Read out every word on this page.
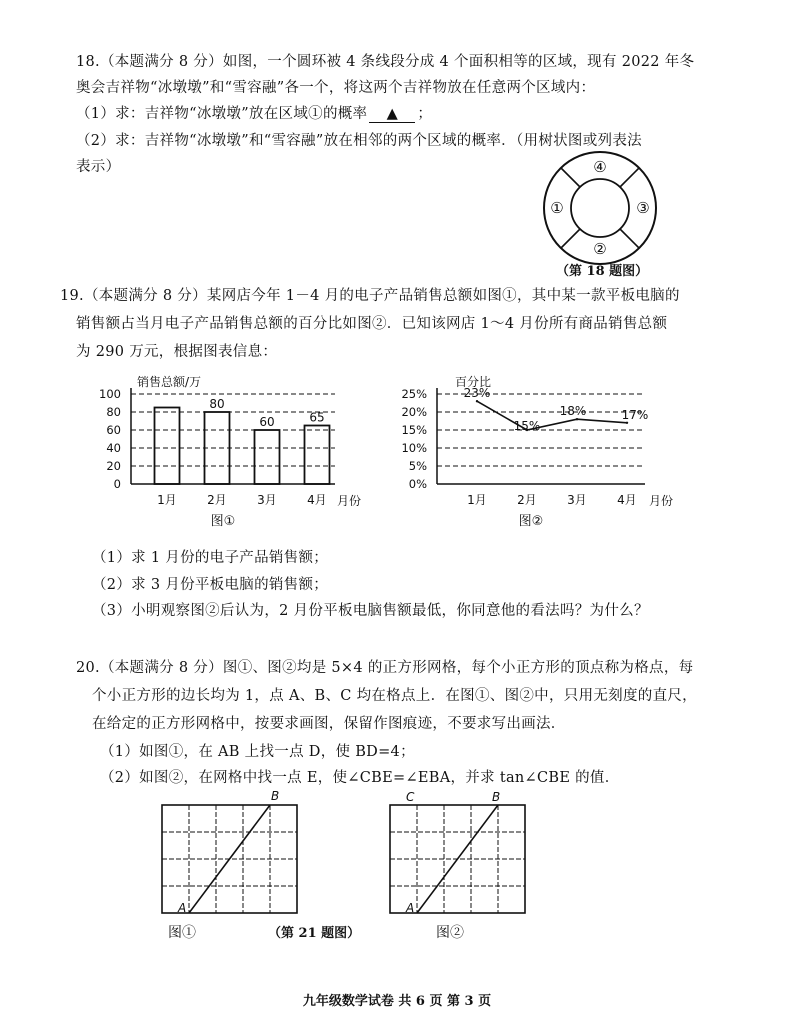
18.（本题满分 8 分）如图，一个圆环被 4 条线段分成 4 个面积相等的区域，现有 2022 年冬
奥会吉祥物“冰墩墩”和“雪容融”各一个，将这两个吉祥物放在任意两个区域内：
（1）求：吉祥物“冰墩墩”放在区域①的概率 ▲ ；
（2）求：吉祥物“冰墩墩”和“雪容融”放在相邻的两个区域的概率．（用树状图或列表法
表示）	④
①	③
②
（第 18 题图）
19.（本题满分 8 分）某网店今年 1－4 月的电子产品销售总额如图①，其中某一款平板电脑的
销售额占当月电子产品销售总额的百分比如图②．已知该网店 1～4 月份所有商品销售总额
为 290 万元，根据图表信息：
销售总额/万
0
20
40
60
80
100
1月
80
2月
60
3月
65
4月 月份
图①
百分比
0%
5%
10%
15%
20%
25%	23%
1月
15%
2月
18%
3月
17%
4月 月份
图②
（1）求 1 月份的电子产品销售额；
（2）求 3 月份平板电脑的销售额；
（3）小明观察图②后认为，2 月份平板电脑售额最低，你同意他的看法吗？为什么？
20.（本题满分 8 分）图①、图②均是 5×4 的正方形网格，每个小正方形的顶点称为格点，每
个小正方形的边长均为 1，点 A、B、C 均在格点上．在图①、图②中，只用无刻度的直尺，
在给定的正方形网格中，按要求画图，保留作图痕迹，不要求写出画法．
（1）如图①，在 AB 上找一点 D，使 BD=4；
（2）如图②，在网格中找一点 E，使∠CBE=∠EBA，并求 tan∠CBE 的值．
A
B
图①	（第 21 题图）
A
B
C
图②
九年级数学试卷 共 6 页 第 3 页
